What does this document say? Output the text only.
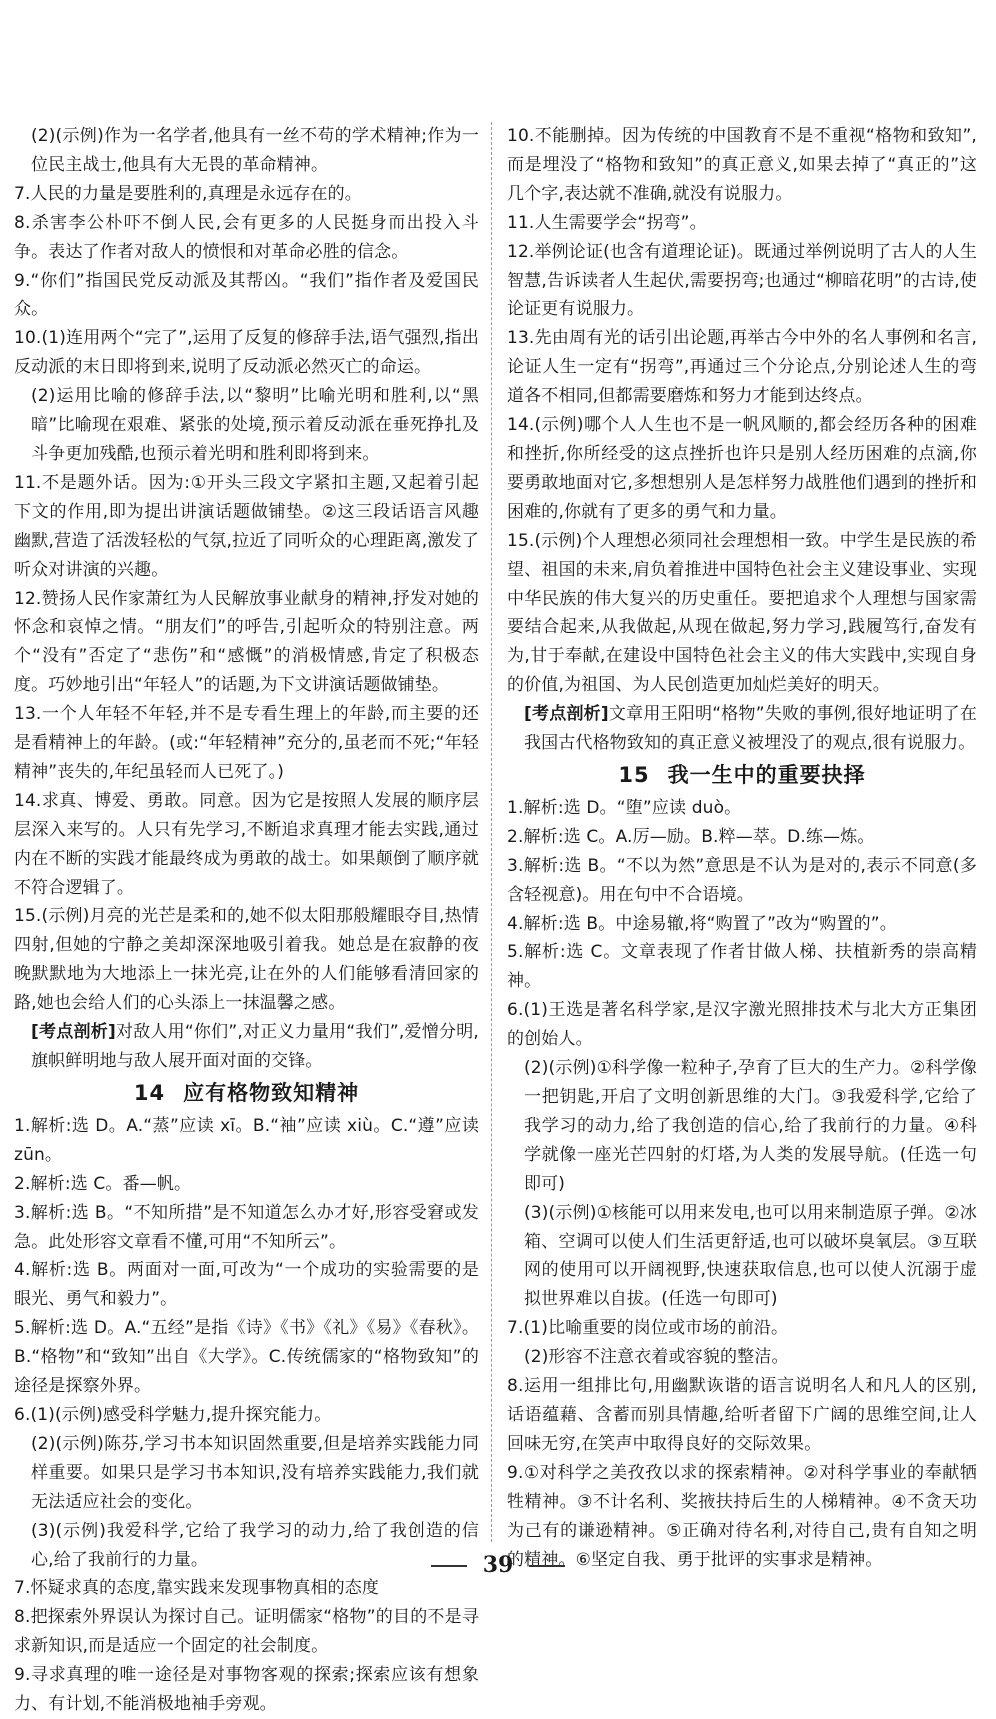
(2)(示例)作为一名学者,他具有一丝不苟的学术精神;作为一位民主战士,他具有大无畏的革命精神。

7.人民的力量是要胜利的,真理是永远存在的。

8.杀害李公朴吓不倒人民,会有更多的人民挺身而出投入斗争。表达了作者对敌人的愤恨和对革命必胜的信念。

9.“你们”指国民党反动派及其帮凶。“我们”指作者及爱国民众。

10.(1)连用两个“完了”,运用了反复的修辞手法,语气强烈,指出反动派的末日即将到来,说明了反动派必然灭亡的命运。

(2)运用比喻的修辞手法,以“黎明”比喻光明和胜利,以“黑暗”比喻现在艰难、紧张的处境,预示着反动派在垂死挣扎及斗争更加残酷,也预示着光明和胜利即将到来。

11.不是题外话。因为:①开头三段文字紧扣主题,又起着引起下文的作用,即为提出讲演话题做铺垫。②这三段话语言风趣幽默,营造了活泼轻松的气氛,拉近了同听众的心理距离,激发了听众对讲演的兴趣。

12.赞扬人民作家萧红为人民解放事业献身的精神,抒发对她的怀念和哀悼之情。“朋友们”的呼告,引起听众的特别注意。两个“没有”否定了“悲伤”和“感慨”的消极情感,肯定了积极态度。巧妙地引出“年轻人”的话题,为下文讲演话题做铺垫。

13.一个人年轻不年轻,并不是专看生理上的年龄,而主要的还是看精神上的年龄。(或:“年轻精神”充分的,虽老而不死;“年轻精神”丧失的,年纪虽轻而人已死了。)

14.求真、博爱、勇敢。同意。因为它是按照人发展的顺序层层深入来写的。人只有先学习,不断追求真理才能去实践,通过内在不断的实践才能最终成为勇敢的战士。如果颠倒了顺序就不符合逻辑了。

15.(示例)月亮的光芒是柔和的,她不似太阳那般耀眼夺目,热情四射,但她的宁静之美却深深地吸引着我。她总是在寂静的夜晚默默地为大地添上一抹光亮,让在外的人们能够看清回家的路,她也会给人们的心头添上一抹温馨之感。

[考点剖析]对敌人用“你们”,对正义力量用“我们”,爱憎分明,旗帜鲜明地与敌人展开面对面的交锋。

14 应有格物致知精神

1.解析:选 D。A.“蒸”应读 xī。B.“袖”应读 xiù。C.“遵”应读 zūn。

2.解析:选 C。番—帆。

3.解析:选 B。“不知所措”是不知道怎么办才好,形容受窘或发急。此处形容文章看不懂,可用“不知所云”。

4.解析:选 B。两面对一面,可改为“一个成功的实验需要的是眼光、勇气和毅力”。

5.解析:选 D。A.“五经”是指《诗》《书》《礼》《易》《春秋》。B.“格物”和“致知”出自《大学》。C.传统儒家的“格物致知”的途径是探察外界。

6.(1)(示例)感受科学魅力,提升探究能力。

(2)(示例)陈芬,学习书本知识固然重要,但是培养实践能力同样重要。如果只是学习书本知识,没有培养实践能力,我们就无法适应社会的变化。

(3)(示例)我爱科学,它给了我学习的动力,给了我创造的信心,给了我前行的力量。

7.怀疑求真的态度,靠实践来发现事物真相的态度

8.把探索外界误认为探讨自己。证明儒家“格物”的目的不是寻求新知识,而是适应一个固定的社会制度。

9.寻求真理的唯一途径是对事物客观的探索;探索应该有想象力、有计划,不能消极地袖手旁观。

10.不能删掉。因为传统的中国教育不是不重视“格物和致知”,而是埋没了“格物和致知”的真正意义,如果去掉了“真正的”这几个字,表达就不准确,就没有说服力。

11.人生需要学会“拐弯”。

12.举例论证(也含有道理论证)。既通过举例说明了古人的人生智慧,告诉读者人生起伏,需要拐弯;也通过“柳暗花明”的古诗,使论证更有说服力。

13.先由周有光的话引出论题,再举古今中外的名人事例和名言,论证人生一定有“拐弯”,再通过三个分论点,分别论述人生的弯道各不相同,但都需要磨炼和努力才能到达终点。

14.(示例)哪个人人生也不是一帆风顺的,都会经历各种的困难和挫折,你所经受的这点挫折也许只是别人经历困难的点滴,你要勇敢地面对它,多想想别人是怎样努力战胜他们遇到的挫折和困难的,你就有了更多的勇气和力量。

15.(示例)个人理想必须同社会理想相一致。中学生是民族的希望、祖国的未来,肩负着推进中国特色社会主义建设事业、实现中华民族的伟大复兴的历史重任。要把追求个人理想与国家需要结合起来,从我做起,从现在做起,努力学习,践履笃行,奋发有为,甘于奉献,在建设中国特色社会主义的伟大实践中,实现自身的价值,为祖国、为人民创造更加灿烂美好的明天。

[考点剖析]文章用王阳明“格物”失败的事例,很好地证明了在我国古代格物致知的真正意义被埋没了的观点,很有说服力。

15 我一生中的重要抉择

1.解析:选 D。“堕”应读 duò。

2.解析:选 C。A.厉—励。B.粹—萃。D.练—炼。

3.解析:选 B。“不以为然”意思是不认为是对的,表示不同意(多含轻视意)。用在句中不合语境。

4.解析:选 B。中途易辙,将“购置了”改为“购置的”。

5.解析:选 C。文章表现了作者甘做人梯、扶植新秀的崇高精神。

6.(1)王选是著名科学家,是汉字激光照排技术与北大方正集团的创始人。

(2)(示例)①科学像一粒种子,孕育了巨大的生产力。②科学像一把钥匙,开启了文明创新思维的大门。③我爱科学,它给了我学习的动力,给了我创造的信心,给了我前行的力量。④科学就像一座光芒四射的灯塔,为人类的发展导航。(任选一句即可)

(3)(示例)①核能可以用来发电,也可以用来制造原子弹。②冰箱、空调可以使人们生活更舒适,也可以破坏臭氧层。③互联网的使用可以开阔视野,快速获取信息,也可以使人沉溺于虚拟世界难以自拔。(任选一句即可)

7.(1)比喻重要的岗位或市场的前沿。

(2)形容不注意衣着或容貌的整洁。

8.运用一组排比句,用幽默诙谐的语言说明名人和凡人的区别,话语蕴藉、含蓄而别具情趣,给听者留下广阔的思维空间,让人回味无穷,在笑声中取得良好的交际效果。

9.①对科学之美孜孜以求的探索精神。②对科学事业的奉献牺牲精神。③不计名利、奖掖扶持后生的人梯精神。④不贪天功为己有的谦逊精神。⑤正确对待名利,对待自己,贵有自知之明的精神。⑥坚定自我、勇于批评的实事求是精神。

39
